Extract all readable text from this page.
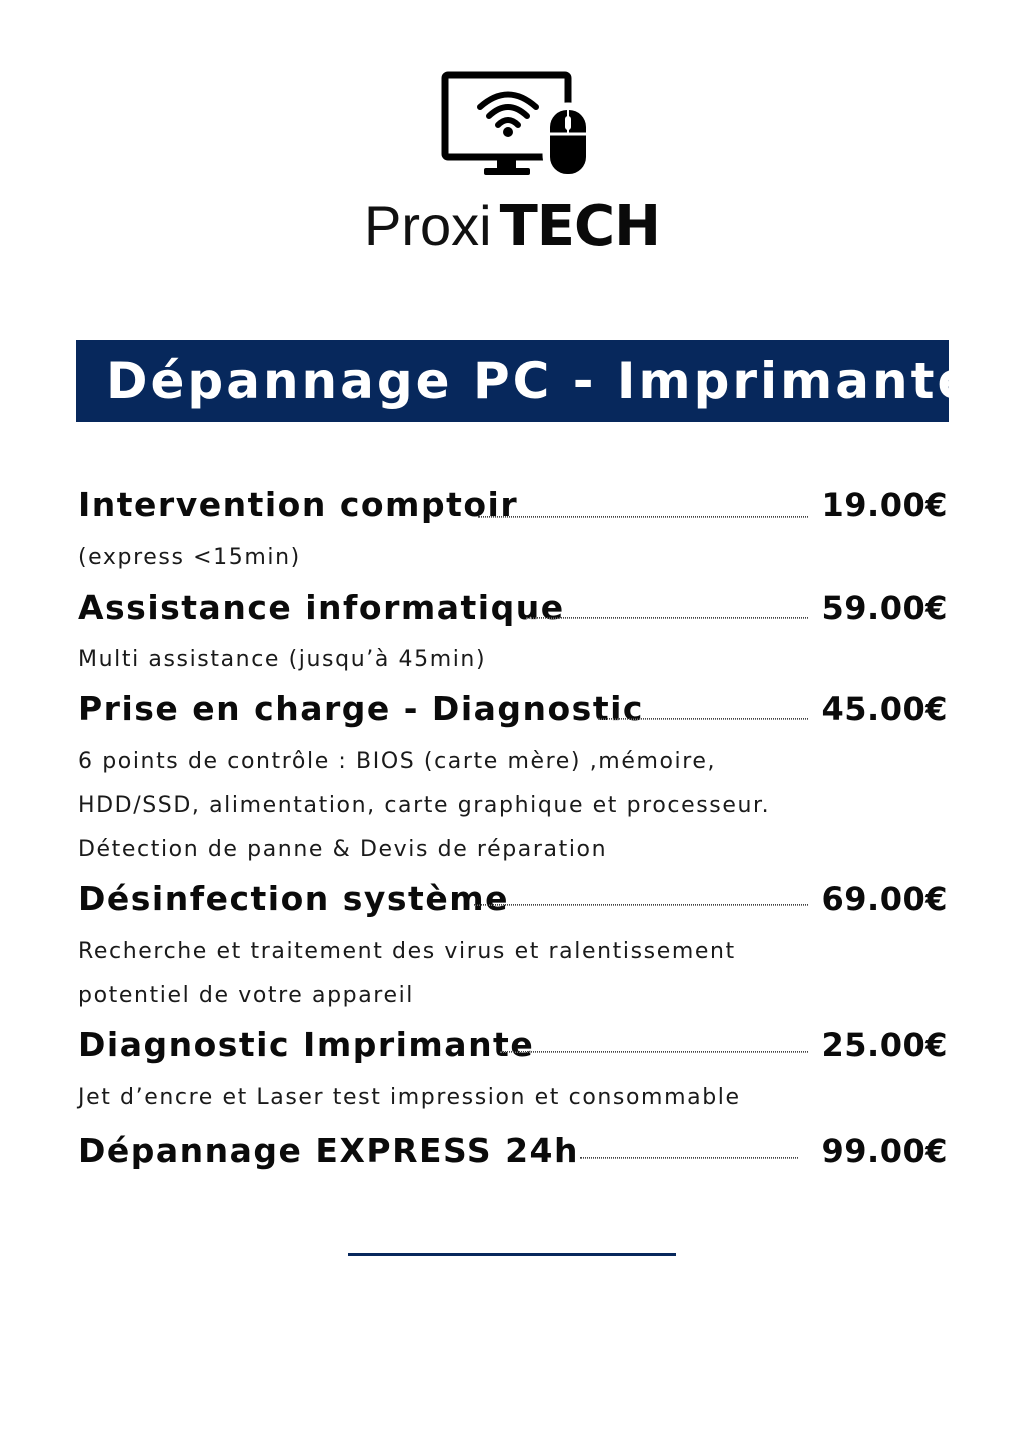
Proxi TECH
Dépannage PC - Imprimante
Intervention comptoir	19.00€
(express <15min)
Assistance informatique	59.00€
Multi assistance (jusqu’à 45min)
Prise en charge - Diagnostic	45.00€
6 points de contrôle : BIOS (carte mère) ,mémoire,
HDD/SSD, alimentation, carte graphique et processeur.
Détection de panne & Devis de réparation
Désinfection système	69.00€
Recherche et traitement des virus et ralentissement
potentiel de votre appareil
Diagnostic Imprimante	25.00€
Jet d’encre et Laser test impression et consommable
Dépannage EXPRESS 24h	99.00€
